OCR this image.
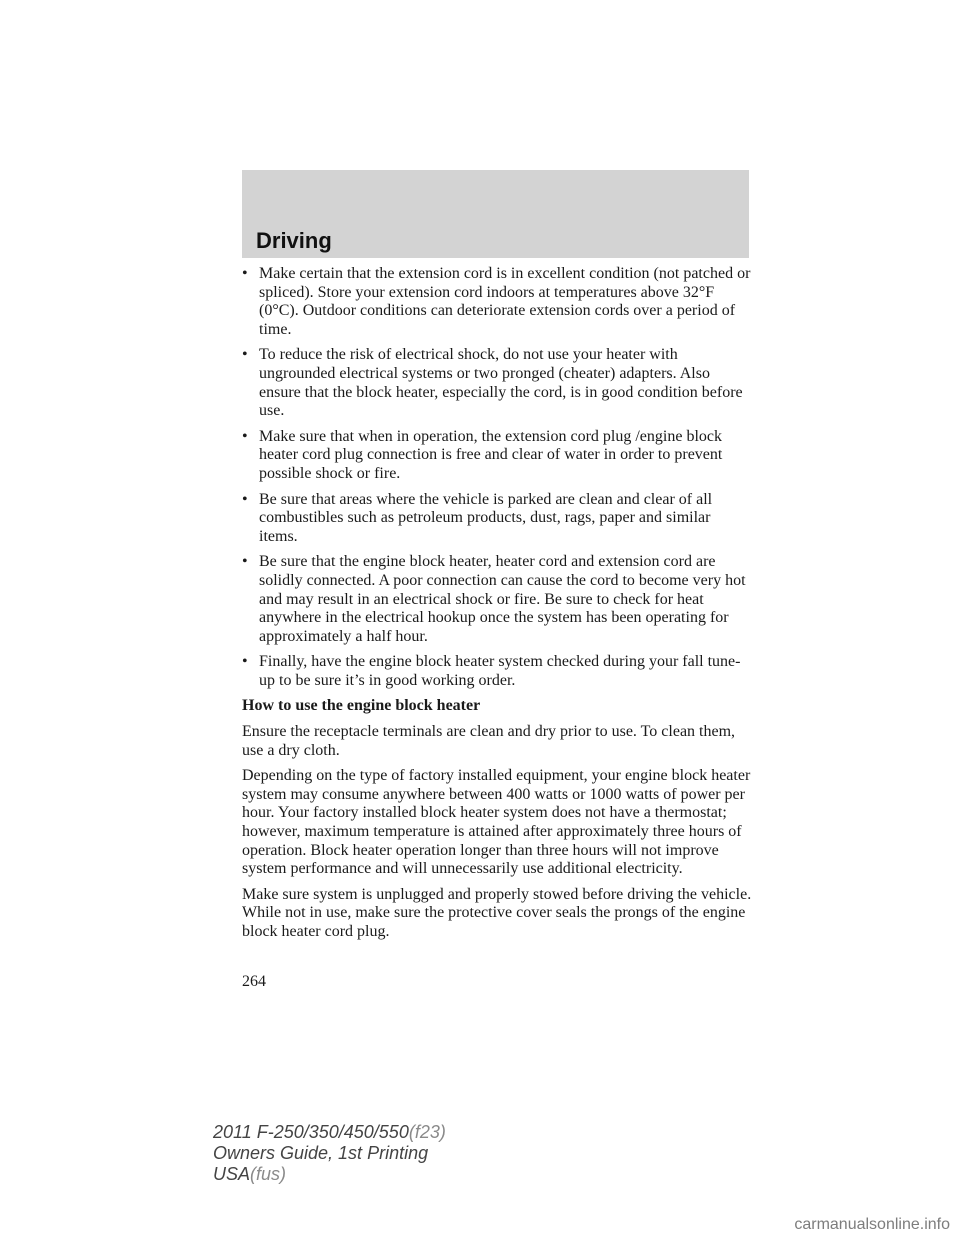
Driving
• Make certain that the extension cord is in excellent condition (not patched or spliced). Store your extension cord indoors at temperatures above 32°F (0°C). Outdoor conditions can deteriorate extension cords over a period of time.
• To reduce the risk of electrical shock, do not use your heater with ungrounded electrical systems or two pronged (cheater) adapters. Also ensure that the block heater, especially the cord, is in good condition before use.
• Make sure that when in operation, the extension cord plug /engine block heater cord plug connection is free and clear of water in order to prevent possible shock or fire.
• Be sure that areas where the vehicle is parked are clean and clear of all combustibles such as petroleum products, dust, rags, paper and similar items.
• Be sure that the engine block heater, heater cord and extension cord are solidly connected. A poor connection can cause the cord to become very hot and may result in an electrical shock or fire. Be sure to check for heat anywhere in the electrical hookup once the system has been operating for approximately a half hour.
• Finally, have the engine block heater system checked during your fall tune-up to be sure it’s in good working order.
How to use the engine block heater

Ensure the receptacle terminals are clean and dry prior to use. To clean them, use a dry cloth.

Depending on the type of factory installed equipment, your engine block heater system may consume anywhere between 400 watts or 1000 watts of power per hour. Your factory installed block heater system does not have a thermostat; however, maximum temperature is attained after approximately three hours of operation. Block heater operation longer than three hours will not improve system performance and will unnecessarily use additional electricity.

Make sure system is unplugged and properly stowed before driving the vehicle. While not in use, make sure the protective cover seals the prongs of the engine block heater cord plug.

264
2011 F-250/350/450/550(f23)
Owners Guide, 1st Printing
USA(fus)
carmanualsonline.info
